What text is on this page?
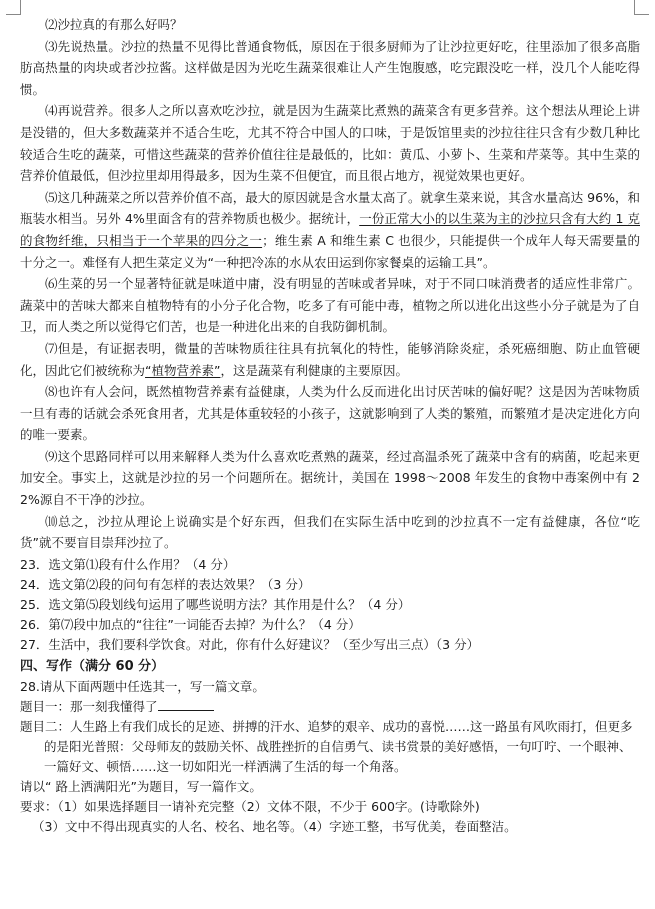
⑵沙拉真的有那么好吗？

⑶先说热量。沙拉的热量不见得比普通食物低，原因在于很多厨师为了让沙拉更好吃，往里添加了很多高脂肪高热量的肉块或者沙拉酱。这样做是因为光吃生蔬菜很难让人产生饱腹感，吃完跟没吃一样，没几个人能吃得惯。

⑷再说营养。很多人之所以喜欢吃沙拉，就是因为生蔬菜比煮熟的蔬菜含有更多营养。这个想法从理论上讲是没错的，但大多数蔬菜并不适合生吃，尤其不符合中国人的口味，于是饭馆里卖的沙拉往往只含有少数几种比较适合生吃的蔬菜，可惜这些蔬菜的营养价值往往是最低的，比如：黄瓜、小萝卜、生菜和芹菜等。其中生菜的营养价值最低，但沙拉里却用得最多，因为生菜不但便宜，而且很占地方，视觉效果也更好。

⑸这几种蔬菜之所以营养价值不高，最大的原因就是含水量太高了。就拿生菜来说，其含水量高达 96%，和瓶装水相当。另外 4%里面含有的营养物质也极少。据统计，一份正常大小的以生菜为主的沙拉只含有大约 1 克的食物纤维，只相当于一个苹果的四分之一；维生素 A 和维生素 C 也很少，只能提供一个成年人每天需要量的十分之一。难怪有人把生菜定义为“一种把冷冻的水从农田运到你家餐桌的运输工具”。

⑹生菜的另一个显著特征就是味道中庸，没有明显的苦味或者异味，对于不同口味消费者的适应性非常广。蔬菜中的苦味大都来自植物特有的小分子化合物，吃多了有可能中毒，植物之所以进化出这些小分子就是为了自卫，而人类之所以觉得它们苦，也是一种进化出来的自我防御机制。

⑺但是，有证据表明，微量的苦味物质往往具有抗氧化的特性，能够消除炎症，杀死癌细胞、防止血管硬化，因此它们被统称为“植物营养素”，这是蔬菜有利健康的主要原因。

⑻也许有人会问，既然植物营养素有益健康，人类为什么反而进化出讨厌苦味的偏好呢？这是因为苦味物质一旦有毒的话就会杀死食用者，尤其是体重较轻的小孩子，这就影响到了人类的繁殖，而繁殖才是决定进化方向的唯一要素。

⑼这个思路同样可以用来解释人类为什么喜欢吃煮熟的蔬菜，经过高温杀死了蔬菜中含有的病菌，吃起来更加安全。事实上，这就是沙拉的另一个问题所在。据统计，美国在 1998～2008 年发生的食物中毒案例中有 22%源自不干净的沙拉。

⑽总之，沙拉从理论上说确实是个好东西，但我们在实际生活中吃到的沙拉真不一定有益健康，各位“吃货”就不要盲目崇拜沙拉了。

23．选文第⑴段有什么作用？（4 分）

24．选文第⑵段的问句有怎样的表达效果？（3 分）

25．选文第⑸段划线句运用了哪些说明方法？其作用是什么？（4 分）

26．第⑺段中加点的“往往”一词能否去掉？为什么？（4 分）

27．生活中，我们要科学饮食。对此，你有什么好建议？（至少写出三点）（3 分）

四、写作（满分 60 分）

28.请从下面两题中任选其一，写一篇文章。

题目一：那一刻我懂得了

题目二：人生路上有我们成长的足迹、拼搏的汗水、追梦的艰辛、成功的喜悦……这一路虽有风吹雨打，但更多的是阳光普照：父母师友的鼓励关怀、战胜挫折的自信勇气、读书赏景的美好感悟，一句叮咛、一个眼神、一篇好文、顿悟……这一切如阳光一样洒满了生活的每一个角落。

请以“ 路上洒满阳光”为题目，写一篇作文。

要求：（1）如果选择题目一请补充完整（2）文体不限，不少于 600字。(诗歌除外)

（3）文中不得出现真实的人名、校名、地名等。（4）字迹工整，书写优美，卷面整洁。
